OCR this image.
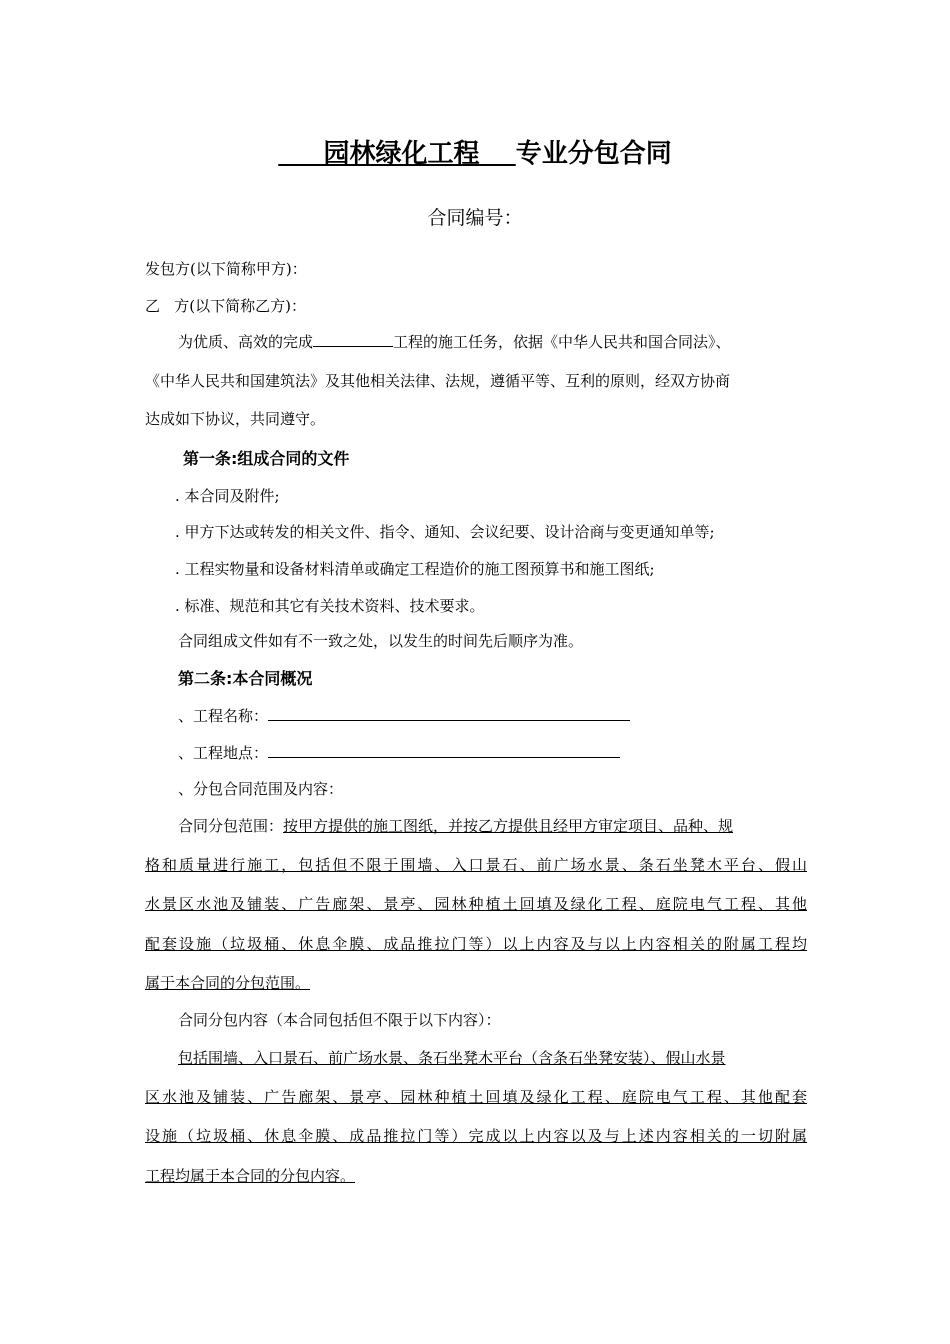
园林绿化工程 专业分包合同
合同编号：
发包方(以下简称甲方)：
乙   方(以下简称乙方)：
为优质、高效的完成	工程的施工任务，依据《中华人民共和国合同法》、
《中华人民共和国建筑法》及其他相关法律、法规，遵循平等、互利的原则，经双方协商
达成如下协议，共同遵守。
第一条:组成合同的文件
. 本合同及附件;
. 甲方下达或转发的相关文件、指令、通知、会议纪要、设计洽商与变更通知单等;
. 工程实物量和设备材料清单或确定工程造价的施工图预算书和施工图纸;
. 标准、规范和其它有关技术资料、技术要求。
合同组成文件如有不一致之处，以发生的时间先后顺序为准。
第二条:本合同概况
、工程名称：
、工程地点：
、分包合同范围及内容：
合同分包范围：按甲方提供的施工图纸，并按乙方提供且经甲方审定项目、品种、规
格和质量进行施工，包括但不限于围墙、入口景石、前广场水景、条石坐凳木平台、假山
水景区水池及铺装、广告廊架、景亭、园林种植土回填及绿化工程、庭院电气工程、其他
配套设施（垃圾桶、休息伞膜、成品推拉门等）以上内容及与以上内容相关的附属工程均
属于本合同的分包范围。
合同分包内容（本合同包括但不限于以下内容）：
包括围墙、入口景石、前广场水景、条石坐凳木平台（含条石坐凳安装）、假山水景
区水池及铺装、广告廊架、景亭、园林种植土回填及绿化工程、庭院电气工程、其他配套
设施（垃圾桶、休息伞膜、成品推拉门等）完成以上内容以及与上述内容相关的一切附属
工程均属于本合同的分包内容。
